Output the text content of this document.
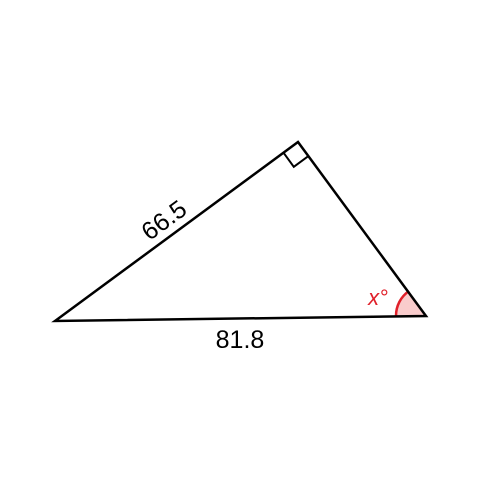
66.5
81.8
x°
